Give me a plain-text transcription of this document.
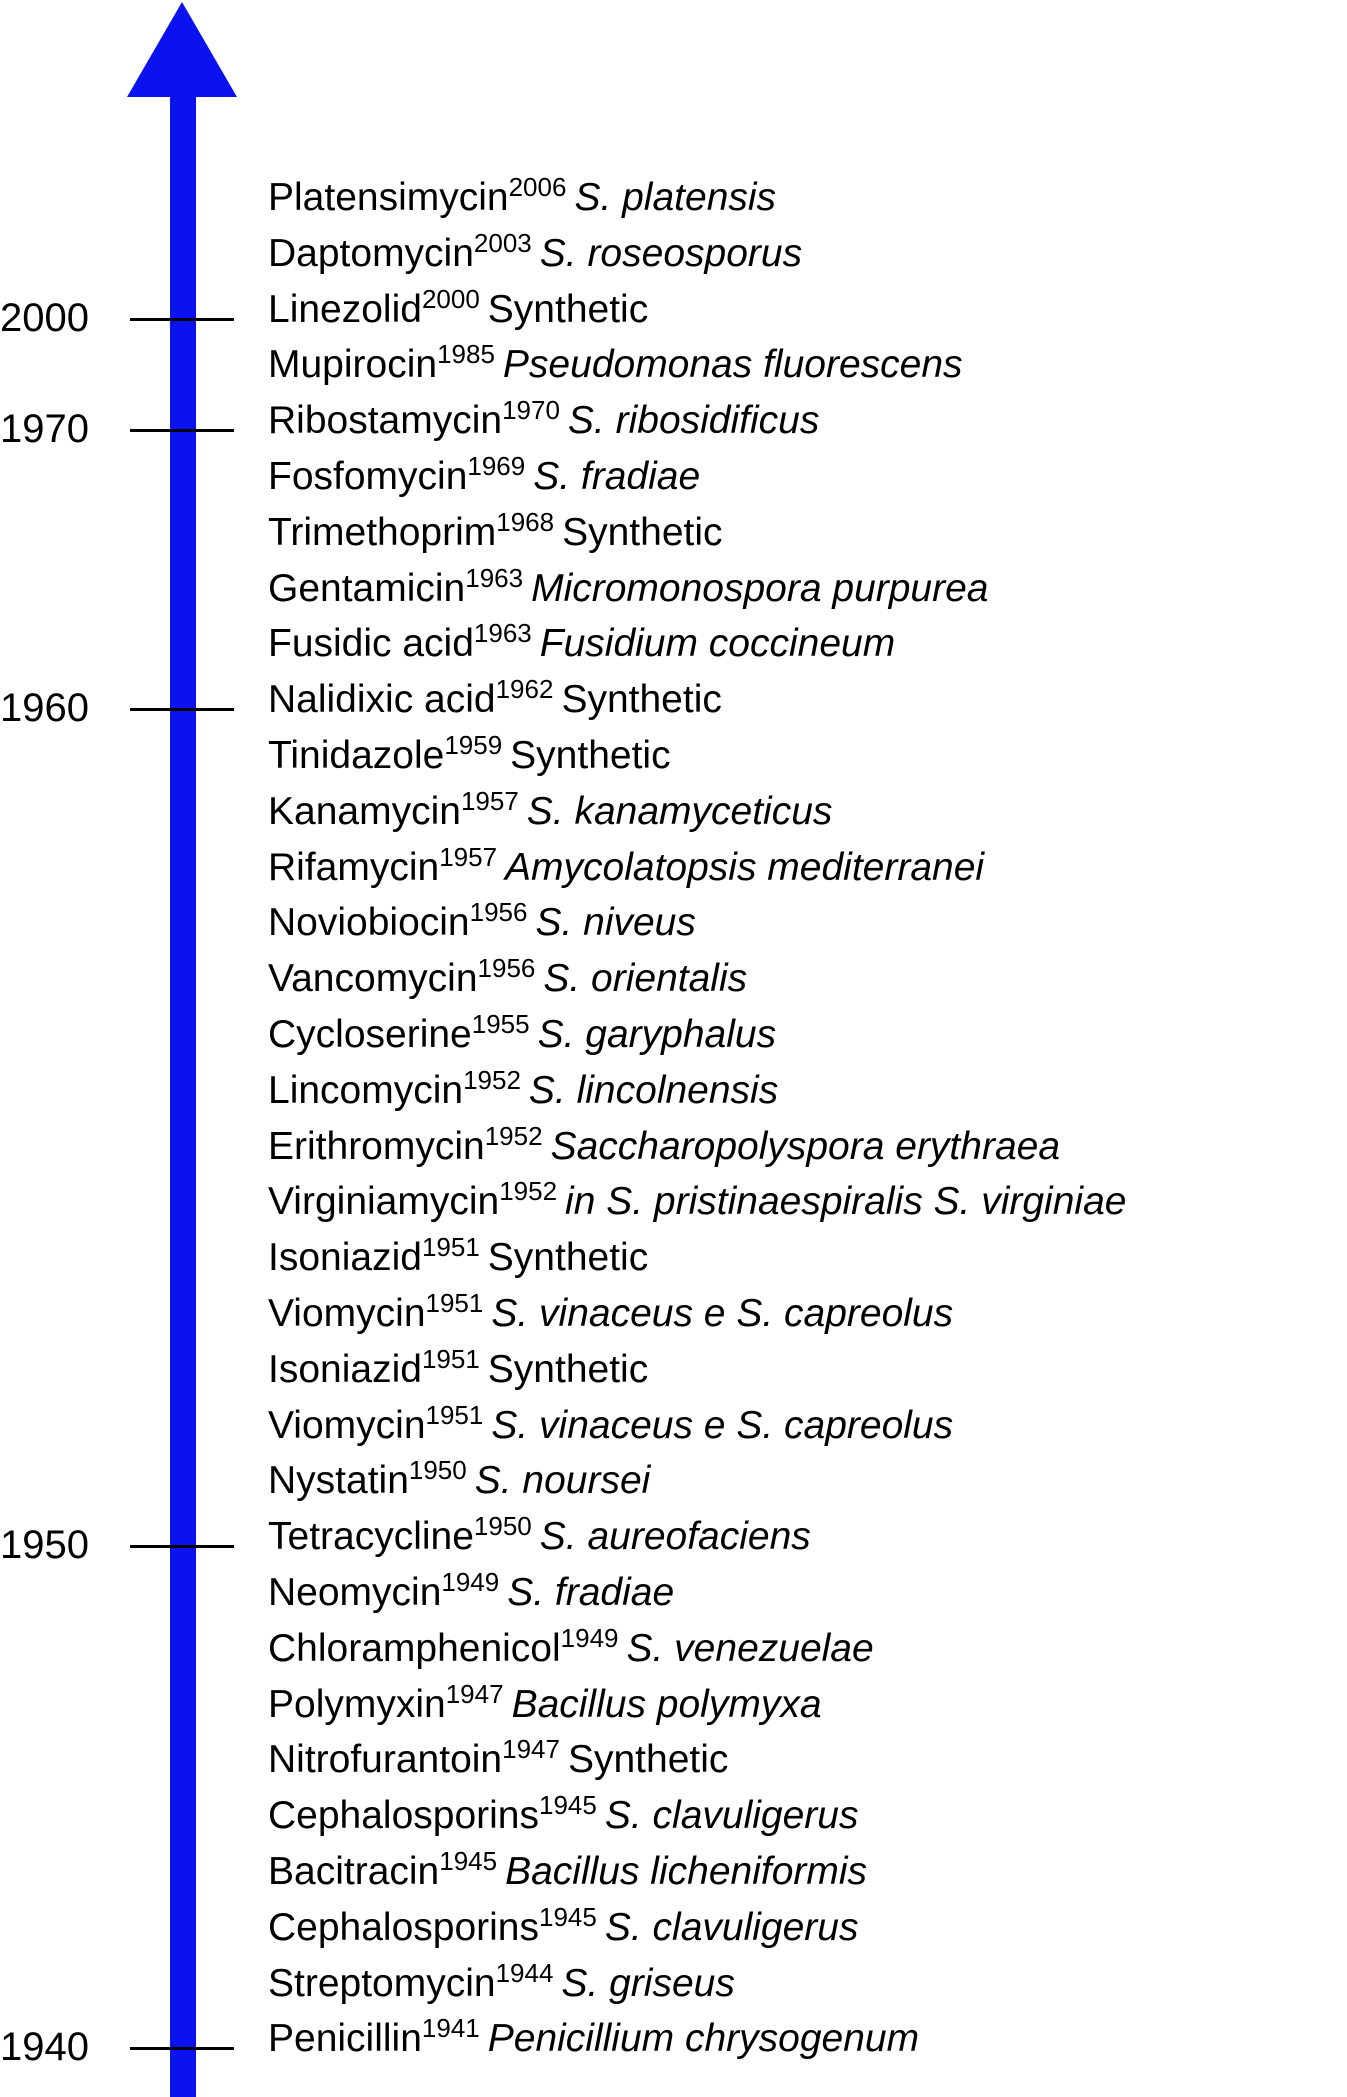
2000
1970
1960
1950
1940
Platensimycin$^{2006}$ S. platensis
Daptomycin$^{2003}$ S. roseosporus
Linezolid$^{2000}$ Synthetic
Mupirocin$^{1985}$ Pseudomonas fluorescens
Ribostamycin$^{1970}$ S. ribosidificus
Fosfomycin$^{1969}$ S. fradiae
Trimethoprim$^{1968}$ Synthetic
Gentamicin$^{1963}$ Micromonospora purpurea
Fusidic acid$^{1963}$ Fusidium coccineum
Nalidixic acid$^{1962}$ Synthetic
Tinidazole$^{1959}$ Synthetic
Kanamycin$^{1957}$ S. kanamyceticus
Rifamycin$^{1957}$ Amycolatopsis mediterranei
Noviobiocin$^{1956}$ S. niveus
Vancomycin$^{1956}$ S. orientalis
Cycloserine$^{1955}$ S. garyphalus
Lincomycin$^{1952}$ S. lincolnensis
Erithromycin$^{1952}$ Saccharopolyspora erythraea
Virginiamycin$^{1952}$ in S. pristinaespiralis S. virginiae
Isoniazid$^{1951}$ Synthetic
Viomycin$^{1951}$ S. vinaceus e S. capreolus
Isoniazid$^{1951}$ Synthetic
Viomycin$^{1951}$ S. vinaceus e S. capreolus
Nystatin$^{1950}$ S. noursei
Tetracycline$^{1950}$ S. aureofaciens
Neomycin$^{1949}$ S. fradiae
Chloramphenicol$^{1949}$ S. venezuelae
Polymyxin$^{1947}$ Bacillus polymyxa
Nitrofurantoin$^{1947}$ Synthetic
Cephalosporins$^{1945}$ S. clavuligerus
Bacitracin$^{1945}$ Bacillus licheniformis
Cephalosporins$^{1945}$ S. clavuligerus
Streptomycin$^{1944}$ S. griseus
Penicillin$^{1941}$ Penicillium chrysogenum
